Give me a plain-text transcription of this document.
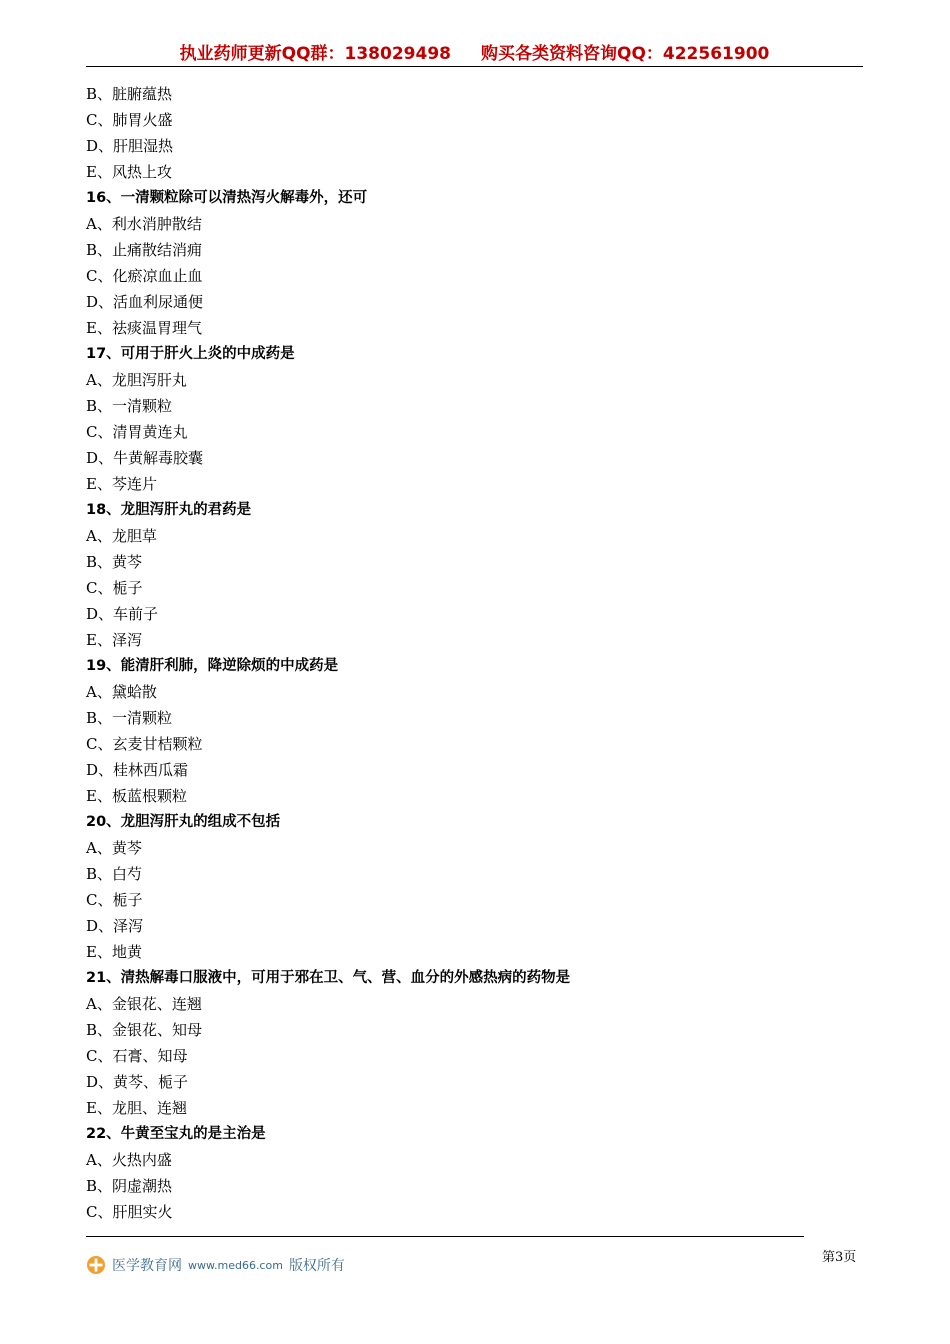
执业药师更新QQ群：138029498 购买各类资料咨询QQ：422561900
B、脏腑蕴热
C、肺胃火盛
D、肝胆湿热
E、风热上攻
16、一清颗粒除可以清热泻火解毒外，还可
A、利水消肿散结
B、止痛散结消痈
C、化瘀凉血止血
D、活血利尿通便
E、祛痰温胃理气
17、可用于肝火上炎的中成药是
A、龙胆泻肝丸
B、一清颗粒
C、清胃黄连丸
D、牛黄解毒胶囊
E、芩连片
18、龙胆泻肝丸的君药是
A、龙胆草
B、黄芩
C、栀子
D、车前子
E、泽泻
19、能清肝利肺，降逆除烦的中成药是
A、黛蛤散
B、一清颗粒
C、玄麦甘桔颗粒
D、桂林西瓜霜
E、板蓝根颗粒
20、龙胆泻肝丸的组成不包括
A、黄芩
B、白芍
C、栀子
D、泽泻
E、地黄
21、清热解毒口服液中，可用于邪在卫、气、营、血分的外感热病的药物是
A、金银花、连翘
B、金银花、知母
C、石膏、知母
D、黄芩、栀子
E、龙胆、连翘
22、牛黄至宝丸的是主治是
A、火热内盛
B、阴虚潮热
C、肝胆实火
医学教育网 www.med66.com 版权所有
第3页
